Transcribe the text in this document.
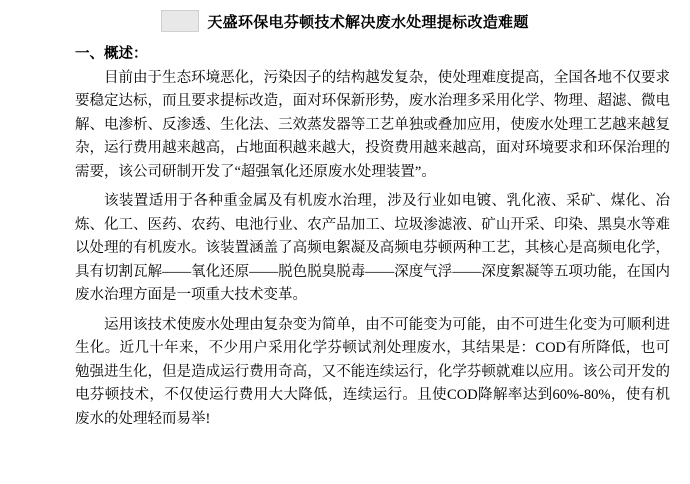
天盛环保电芬顿技术解决废水处理提标改造难题
一、概述：

目前由于生态环境恶化，污染因子的结构越发复杂，使处理难度提高，全国各地不仅要求要稳定达标，而且要求提标改造，面对环保新形势，废水治理多采用化学、物理、超滤、微电解、电渗析、反渗透、生化法、三效蒸发器等工艺单独或叠加应用，使废水处理工艺越来越复杂，运行费用越来越高，占地面积越来越大，投资费用越来越高，面对环境要求和环保治理的需要，该公司研制开发了“超强氧化还原废水处理装置”。

该装置适用于各种重金属及有机废水治理，涉及行业如电镀、乳化液、采矿、煤化、冶炼、化工、医药、农药、电池行业、农产品加工、垃圾渗滤液、矿山开采、印染、黑臭水等难以处理的有机废水。该装置涵盖了高频电絮凝及高频电芬顿两种工艺，其核心是高频电化学，具有切割瓦解——氧化还原——脱色脱臭脱毒——深度气浮——深度絮凝等五项功能，在国内废水治理方面是一项重大技术变革。

运用该技术使废水处理由复杂变为简单，由不可能变为可能，由不可进生化变为可顺利进生化。近几十年来，不少用户采用化学芬顿试剂处理废水，其结果是：COD有所降低，也可勉强进生化，但是造成运行费用奇高，又不能连续运行，化学芬顿就难以应用。该公司开发的电芬顿技术，不仅使运行费用大大降低，连续运行。且使COD降解率达到60%-80%，使有机废水的处理轻而易举!
